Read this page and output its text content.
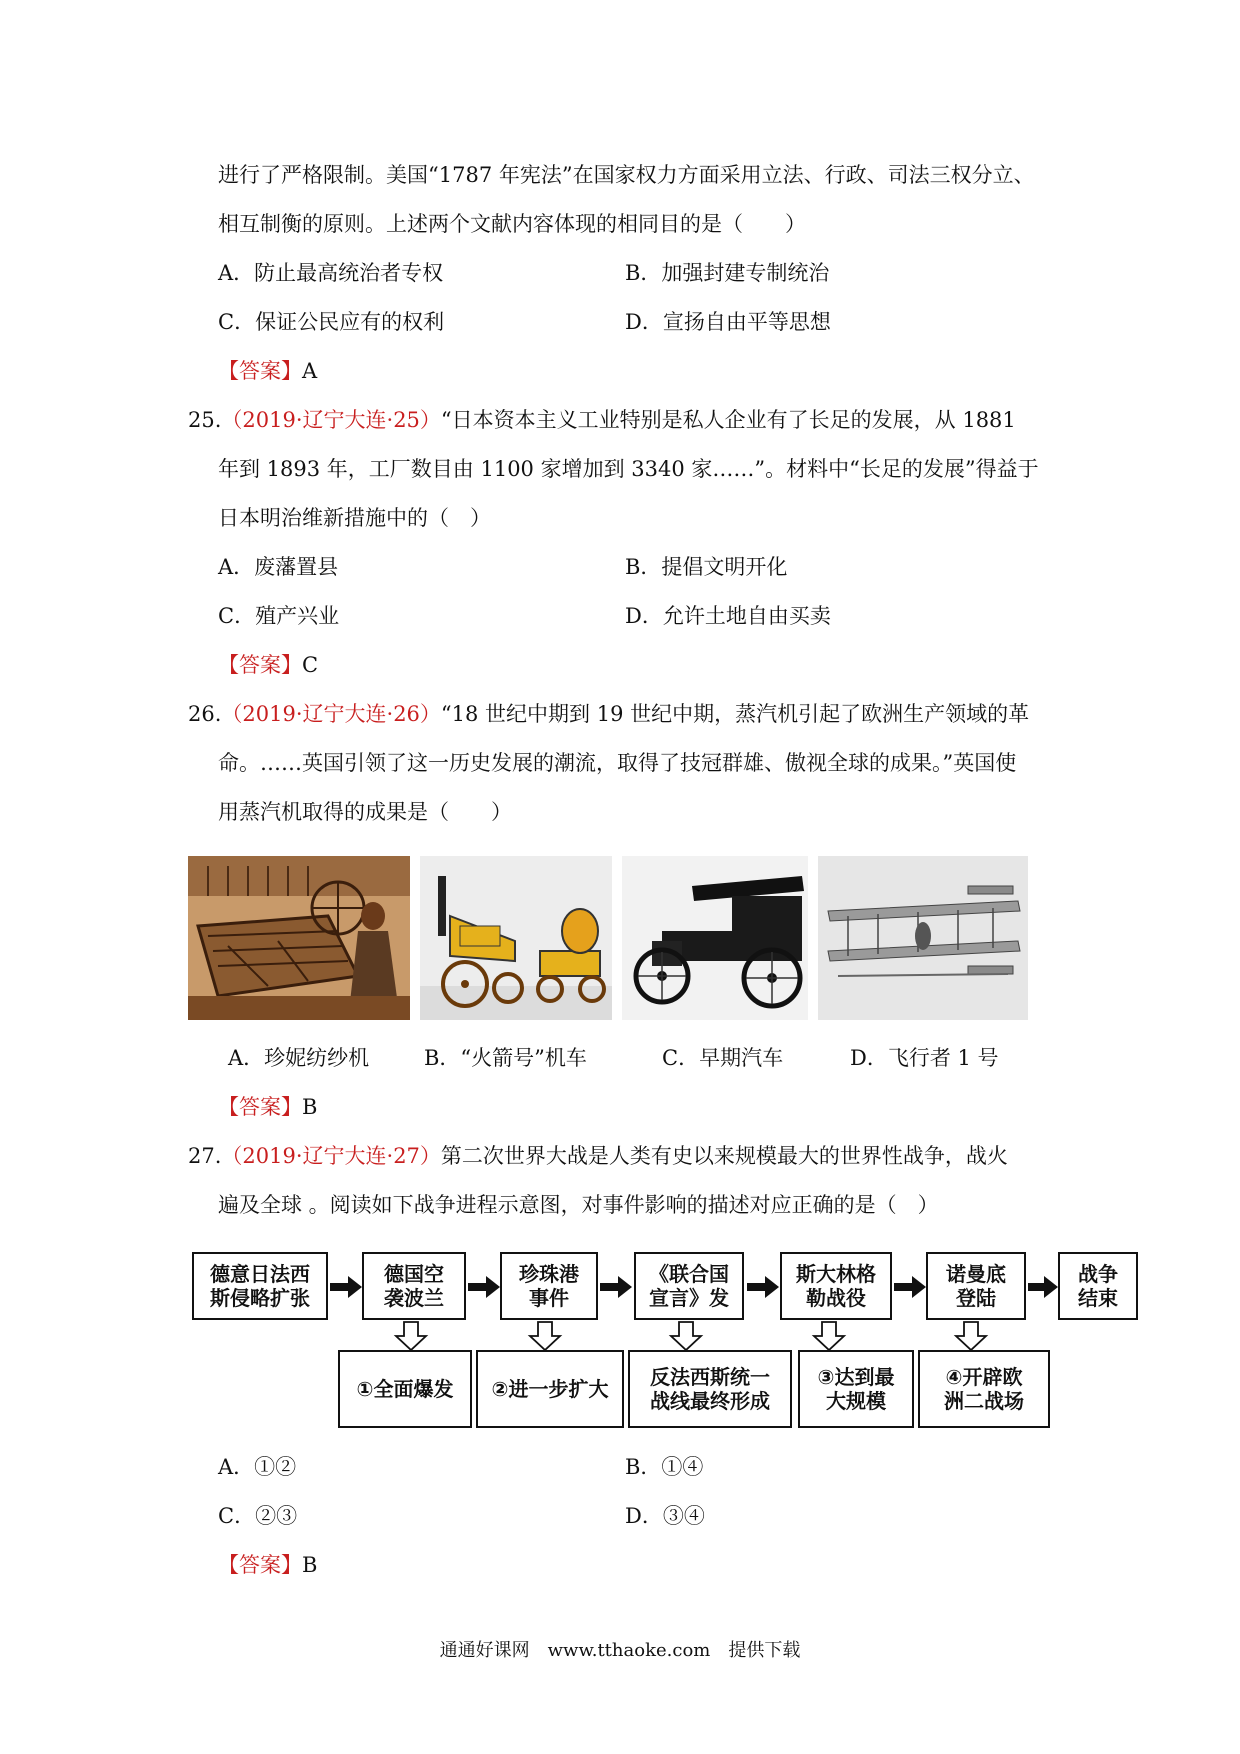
进行了严格限制。美国“1787 年宪法”在国家权力方面采用立法、行政、司法三权分立、
相互制衡的原则。上述两个文献内容体现的相同目的是（　　）
A．防止最高统治者专权	B．加强封建专制统治
C．保证公民应有的权利	D．宣扬自由平等思想
【答案】A
25.（2019·辽宁大连·25）“日本资本主义工业特别是私人企业有了长足的发展，从 1881
年到 1893 年，工厂数目由 1100 家增加到 3340 家……”。材料中“长足的发展”得益于
日本明治维新措施中的（　）
A．废藩置县	B．提倡文明开化
C．殖产兴业	D．允许土地自由买卖
【答案】C
26.（2019·辽宁大连·26）“18 世纪中期到 19 世纪中期，蒸汽机引起了欧洲生产领域的革
命。……英国引领了这一历史发展的潮流，取得了技冠群雄、傲视全球的成果。”英国使
用蒸汽机取得的成果是（　　）
A．珍妮纺纱机	B．“火箭号”机车	C．早期汽车	D．飞行者 1 号
【答案】B
27.（2019·辽宁大连·27）第二次世界大战是人类有史以来规模最大的世界性战争，战火
遍及全球 。阅读如下战争进程示意图，对事件影响的描述对应正确的是（　）
德意日法西
斯侵略扩张
德国空
袭波兰
珍珠港
事件
《联合国
宣言》发
斯大林格
勒战役
诺曼底
登陆
战争
结束
①全面爆发	②进一步扩大	反法西斯统一
战线最终形成
③达到最
大规模
④开辟欧
洲二战场
A．①②	B．①④
C．②③	D．③④
【答案】B
通通好课网　www.tthaoke.com　提供下载
